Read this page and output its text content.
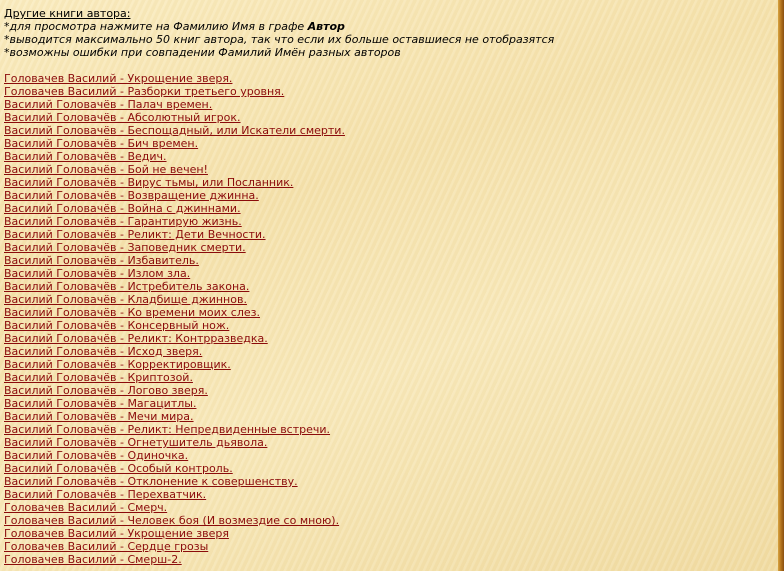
Другие книги автора:
*для просмотра нажмите на Фамилию Имя в графе Автор
*выводится максимально 50 книг автора, так что если их больше оставшиеся не отобразятся
*возможны ошибки при совпадении Фамилий Имён разных авторов
Головачев Василий - Укрощение зверя.
Головачев Василий - Разборки третьего уровня.
Василий Головачёв - Палач времен.
Василий Головачёв - Абсолютный игрок.
Василий Головачёв - Беспощадный, или Искатели смерти.
Василий Головачёв - Бич времен.
Василий Головачёв - Ведич.
Василий Головачёв - Бой не вечен!
Василий Головачёв - Вирус тьмы, или Посланник.
Василий Головачёв - Возвращение джинна.
Василий Головачёв - Война с джиннами.
Василий Головачёв - Гарантирую жизнь.
Василий Головачёв - Реликт: Дети Вечности.
Василий Головачёв - Заповедник смерти.
Василий Головачёв - Избавитель.
Василий Головачёв - Излом зла.
Василий Головачёв - Истребитель закона.
Василий Головачёв - Кладбище джиннов.
Василий Головачёв - Ко времени моих слез.
Василий Головачёв - Консервный нож.
Василий Головачёв - Реликт: Контрразведка.
Василий Головачёв - Исход зверя.
Василий Головачёв - Корректировщик.
Василий Головачёв - Криптозой.
Василий Головачёв - Логово зверя.
Василий Головачёв - Магацитлы.
Василий Головачёв - Мечи мира.
Василий Головачёв - Реликт: Непредвиденные встречи.
Василий Головачёв - Огнетушитель дьявола.
Василий Головачёв - Одиночка.
Василий Головачёв - Особый контроль.
Василий Головачёв - Отклонение к совершенству.
Василий Головачёв - Перехватчик.
Головачев Василий - Смерч.
Головачев Василий - Человек боя (И возмездие со мною).
Головачев Василий - Укрощение зверя
Головачев Василий - Сердце грозы
Головачев Василий - Смерш-2.
